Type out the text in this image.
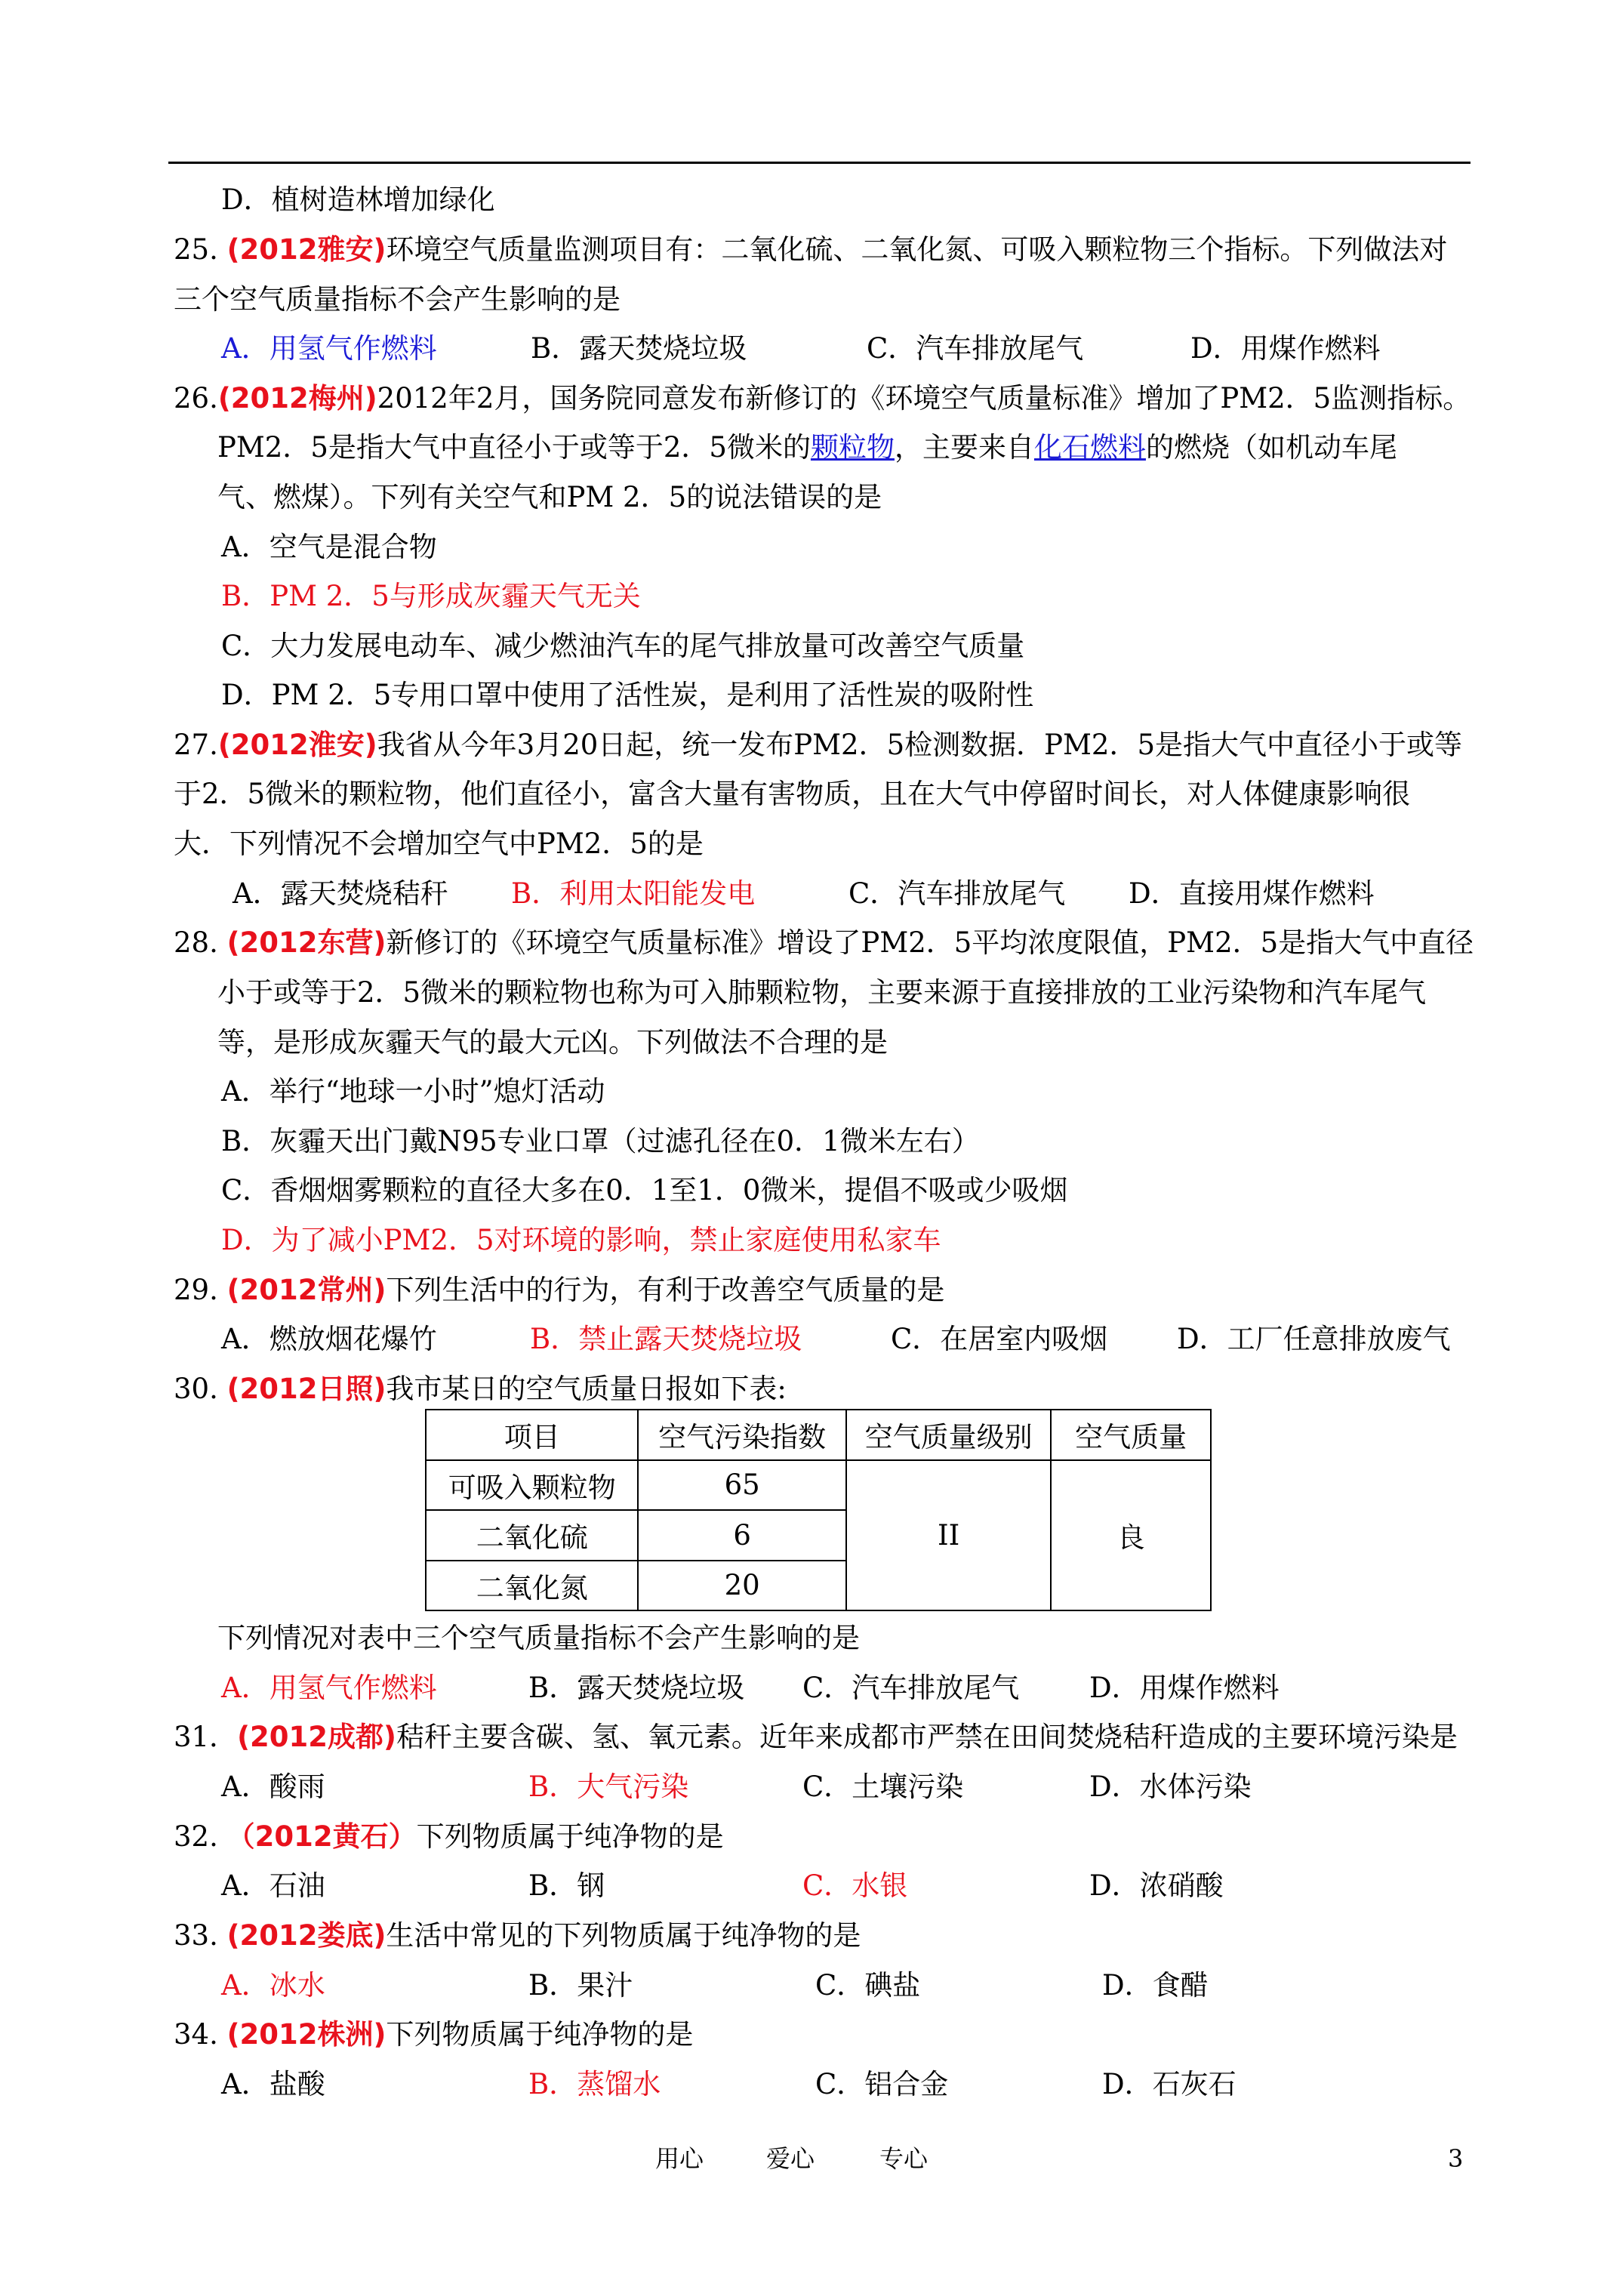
D．植树造林增加绿化
25. (2012雅安)环境空气质量监测项目有：二氧化硫、二氧化氮、可吸入颗粒物三个指标。下列做法对
三个空气质量指标不会产生影响的是
A．用氢气作燃料	B．露天焚烧垃圾	C．汽车排放尾气	D．用煤作燃料
26.(2012梅州)2012年2月，国务院同意发布新修订的《环境空气质量标准》增加了PM2．5监测指标。
PM2．5是指大气中直径小于或等于2．5微米的颗粒物，主要来自化石燃料的燃烧（如机动车尾
气、燃煤）。下列有关空气和PM 2．5的说法错误的是
A．空气是混合物
B．PM 2．5与形成灰霾天气无关
C．大力发展电动车、减少燃油汽车的尾气排放量可改善空气质量
D．PM 2．5专用口罩中使用了活性炭，是利用了活性炭的吸附性
27.(2012淮安)我省从今年3月20日起，统一发布PM2．5检测数据．PM2．5是指大气中直径小于或等
于2．5微米的颗粒物，他们直径小，富含大量有害物质，且在大气中停留时间长，对人体健康影响很
大．下列情况不会增加空气中PM2．5的是
A．露天焚烧秸秆 B．利用太阳能发电	C．汽车排放尾气 D．直接用煤作燃料
28. (2012东营)新修订的《环境空气质量标准》增设了PM2．5平均浓度限值，PM2．5是指大气中直径
小于或等于2．5微米的颗粒物也称为可入肺颗粒物，主要来源于直接排放的工业污染物和汽车尾气
等，是形成灰霾天气的最大元凶。下列做法不合理的是
A．举行“地球一小时”熄灯活动
B．灰霾天出门戴N95专业口罩（过滤孔径在0．1微米左右）
C．香烟烟雾颗粒的直径大多在0．1至1．0微米，提倡不吸或少吸烟
D．为了减小PM2．5对环境的影响，禁止家庭使用私家车
29. (2012常州)下列生活中的行为，有利于改善空气质量的是
A．燃放烟花爆竹	B．禁止露天焚烧垃圾	C．在居室内吸烟 D．工厂任意排放废气
30. (2012日照)我市某日的空气质量日报如下表:
项目	空气污染指数	空气质量级别	空气质量
可吸入颗粒物	65	II	良
二氧化硫	6		
二氧化氮	20		
下列情况对表中三个空气质量指标不会产生影响的是
A．用氢气作燃料	B．露天焚烧垃圾 C．汽车排放尾气	D．用煤作燃料
31．(2012成都)秸秆主要含碳、氢、氧元素。近年来成都市严禁在田间焚烧秸秆造成的主要环境污染是
A．酸雨	B．大气污染	C．土壤污染	D．水体污染
32. （2012黄石）下列物质属于纯净物的是
A．石油	B．钢	C．水银	D．浓硝酸
33. (2012娄底)生活中常见的下列物质属于纯净物的是
A．冰水	B．果汁	C．碘盐	D．食醋
34. (2012株洲)下列物质属于纯净物的是
A．盐酸	B．蒸馏水	C．铝合金	D．石灰石
用心	爱心	专心	3
